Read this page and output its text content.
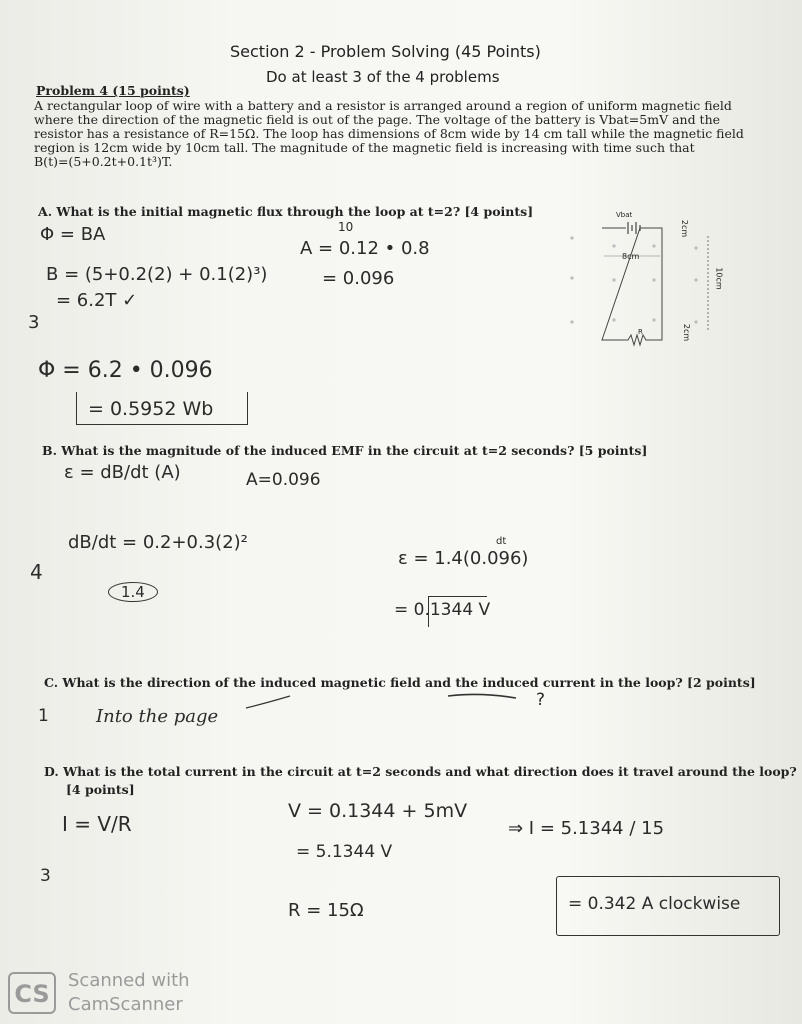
Section 2 - Problem Solving (45 Points)
Do at least 3 of the 4 problems
Problem 4 (15 points)
A rectangular loop of wire with a battery and a resistor is arranged around a region of uniform magnetic field
where the direction of the magnetic field is out of the page. The voltage of the battery is Vbat=5mV and the
resistor has a resistance of R=15Ω. The loop has dimensions of 8cm wide by 14 cm tall while the magnetic field
region is 12cm wide by 10cm tall. The magnitude of the magnetic field is increasing with time such that
B(t)=(5+0.2t+0.1t³)T.
A. What is the initial magnetic flux through the loop at t=2? [4 points]
Φ = BA
A = 0.12 • 0.8
10
B = (5+0.2(2) + 0.1(2)³)
= 6.2T ✓
= 0.096
3
Φ = 6.2 • 0.096
= 0.5952 Wb
Vbat
8cm
2cm
2cm
10cm
R
B. What is the magnitude of the induced EMF in the circuit at t=2 seconds? [5 points]
ε = dB/dt (A)	A=0.096
dB/dt = 0.2+0.3(2)²
4
1.4
ε = 1.4(0.096)
dt
= 0.1344 V
C. What is the direction of the induced magnetic field and the induced current in the loop? [2 points]
?
1	Into the page
D. What is the total current in the circuit at t=2 seconds and what direction does it travel around the loop?
[4 points]
I = V/R
V = 0.1344 + 5mV
= 5.1344 V
⇒ I = 5.1344 / 15
3
R = 15Ω	= 0.342 A clockwise
CS	Scanned with
CamScanner
